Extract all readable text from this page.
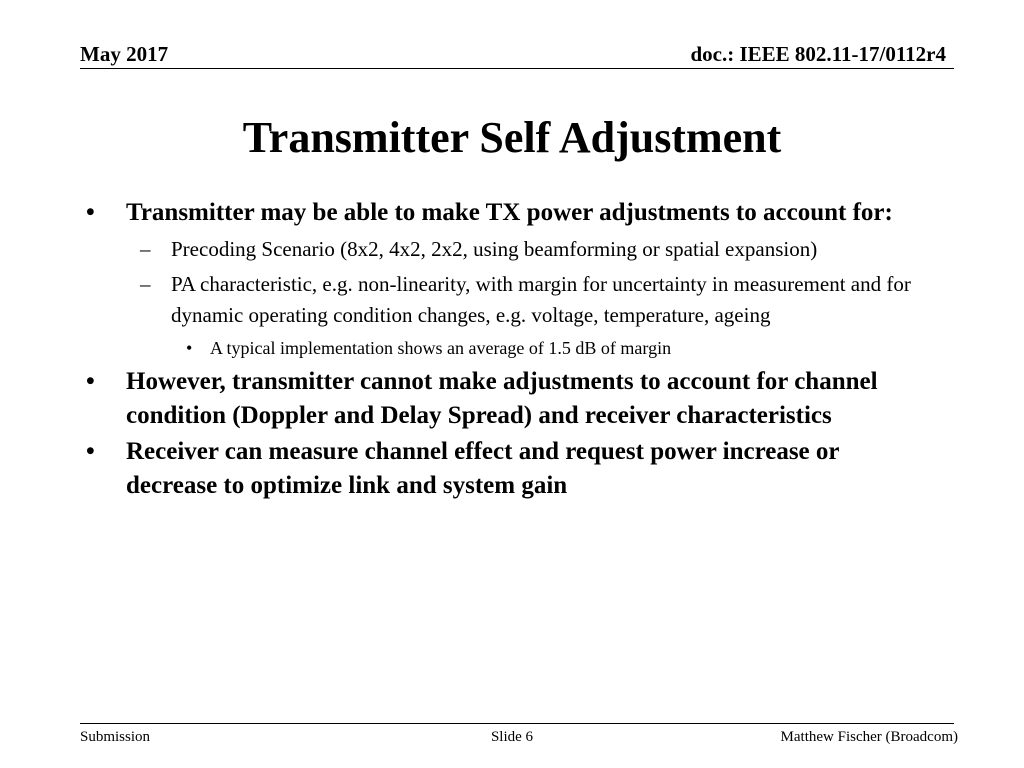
May 2017	doc.: IEEE 802.11-17/0112r4
Transmitter Self Adjustment
• Transmitter may be able to make TX power adjustments to account for:
– Precoding Scenario (8x2, 4x2, 2x2, using beamforming or spatial expansion)
– PA characteristic, e.g. non-linearity, with margin for uncertainty in measurement and for dynamic operating condition changes, e.g. voltage, temperature, ageing
• A typical implementation shows an average of 1.5 dB of margin
• However, transmitter cannot make adjustments to account for channel condition (Doppler and Delay Spread) and receiver characteristics
• Receiver can measure channel effect and request power increase or decrease to optimize link and system gain
Submission	Slide 6	Matthew Fischer (Broadcom)
